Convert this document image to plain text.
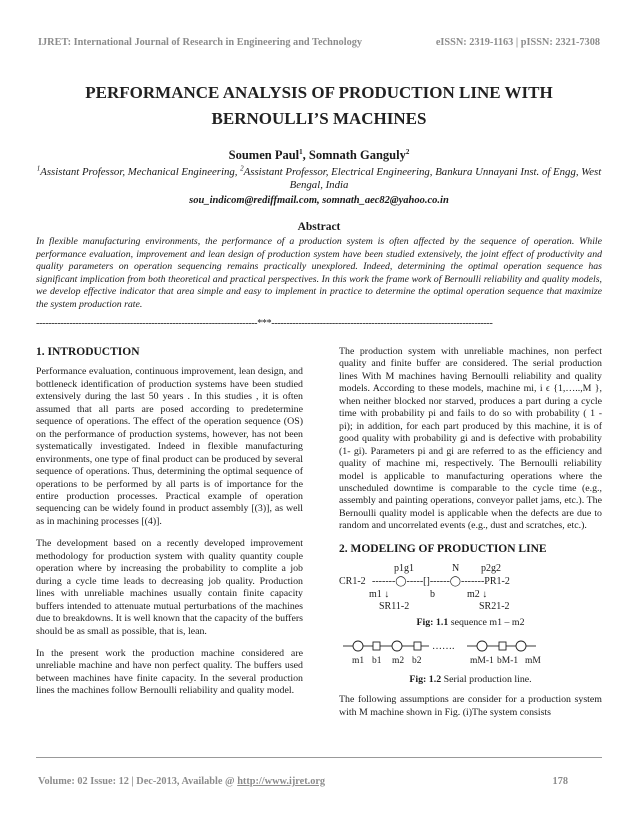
IJRET: International Journal of Research in Engineering and Technology	eISSN: 2319-1163 | pISSN: 2321-7308
PERFORMANCE ANALYSIS OF PRODUCTION LINE WITH
BERNOULLI’S MACHINES
Soumen Paul$^1$, Somnath Ganguly$^2$
$^1$Assistant Professor, Mechanical Engineering, $^2$Assistant Professor, Electrical Engineering, Bankura Unnayani Inst. of Engg, West Bengal, India
sou_indicom@rediffmail.com, somnath_aec82@yahoo.co.in
Abstract
In flexible manufacturing environments, the performance of a production system is often affected by the sequence of operation. While performance evaluation, improvement and lean design of production system have been studied extensively, the joint effect of productivity and quality parameters on operation sequencing remains practically unexplored. Indeed, determining the optimal operation sequence has significant implication from both theoretical and practical perspectives. In this work the frame work of Bernoulli reliability and quality models, we develop effective indicator that area simple and easy to implement in practice to determine the optimal operation sequence that maximize the system production rate.
-------------------------------------------------------------------------***-------------------------------------------------------------------------
1. INTRODUCTION

Performance evaluation, continuous improvement, lean design, and bottleneck identification of production systems have been studied extensively during the last 50 years . In this studies , it is often assumed that all parts are posed according to predetermine sequence of operations. The effect of the operation sequence (OS) on the performance of production systems, however, has not been systematically investigated. Indeed in flexible manufacturing environments, one type of final product can be produced by several sequence of operations. Thus, determining the optimal sequence of operations to be performed by all parts is of importance for the entire production processes. Practical example of operation sequencing can be widely found in product assembly [(3)], as well as in machining processes [(4)].

The development based on a recently developed improvement methodology for production system with quality quantity couple operation where by increasing the probability to complite a job during a cycle time leads to decreasing job quality. Production lines with unreliable machines usually contain finite capacity buffers intended to attenuate mutual perturbations of the machines due to breakdowns. It is well known that the capacity of the buffers should be as small as possible, that is, lean.

In the present work the production machine considered are unreliable machine and have non perfect quality. The buffers used between machines have finite capacity. In the several production lines the machines follow Bernoulli reliability and quality model.

The production system with unreliable machines, non perfect quality and finite buffer are considered. The serial production lines With M machines having Bernoulli reliability and quality models. According to these models, machine mi, i ϵ {1,…..,M }, when neither blocked nor starved, produces a part during a cycle time with probability pi and fails to do so with probability ( 1 - pi); in addition, for each part produced by this machine, it is of good quality with probability gi and is defective with probability (1- gi). Parameters pi and gi are referred to as the efficiency and quality of machine mi, respectively. The Bernoulli reliability model is applicable to manufacturing operations where the unscheduled downtime is comparable to the cycle time (e.g., assembly and painting operations, conveyor pallet jams, etc.). The Bernoulli quality model is applicable when the defects are due to random and uncorrelated events (e.g., dust and scratches, etc.).

2. MODELING OF PRODUCTION LINE
p1g1	N p2g2
CR1-2 -------◯-----[]------◯-------PR1-2
m1 ↓	b	m2 ↓
SR11-2	SR21-2
Fig: 1.1 sequence m1 – m2
…….
m1 b1 m2 b2	mM-1 bM-1 mM
Fig: 1.2 Serial production line.

The following assumptions are consider for a production system with M machine shown in Fig. (i)The system consists

Volume: 02 Issue: 12 | Dec-2013, Available @ http://www.ijret.org	178
